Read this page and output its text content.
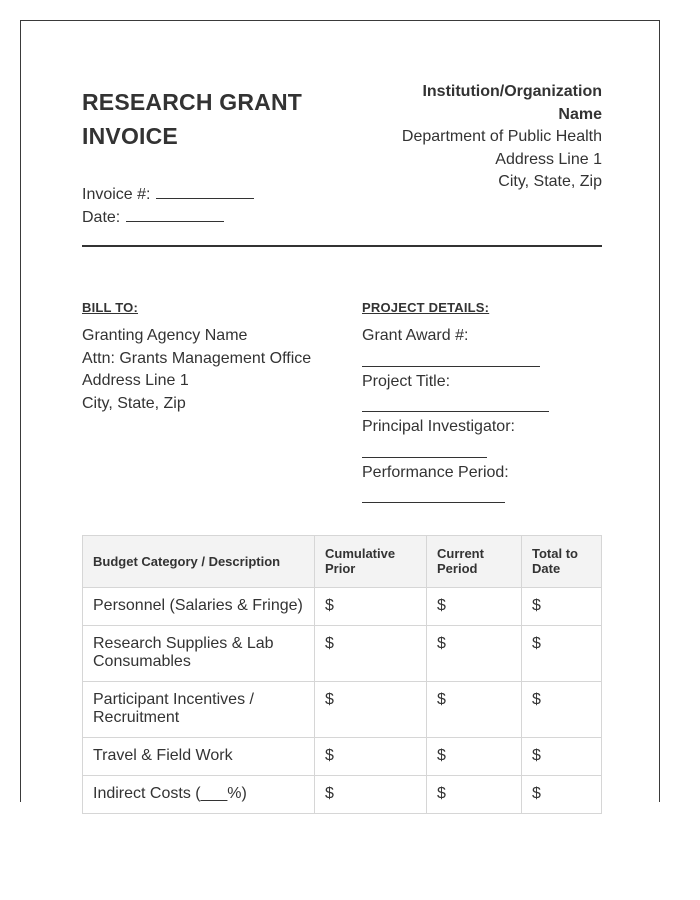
RESEARCH GRANT
INVOICE
Invoice #:
Date:
Institution/Organization
Name
Department of Public Health
Address Line 1
City, State, Zip
BILL TO:
Granting Agency Name
Attn: Grants Management Office
Address Line 1
City, State, Zip
PROJECT DETAILS:
Grant Award #:
Project Title:
Principal Investigator:
Performance Period:
Budget Category / Description	Cumulative Prior	Current Period	Total to Date
Personnel (Salaries & Fringe)	$	$	$
Research Supplies & Lab Consumables	$	$	$
Participant Incentives / Recruitment	$	$	$
Travel & Field Work	$	$	$
Indirect Costs (___%)	$	$	$
